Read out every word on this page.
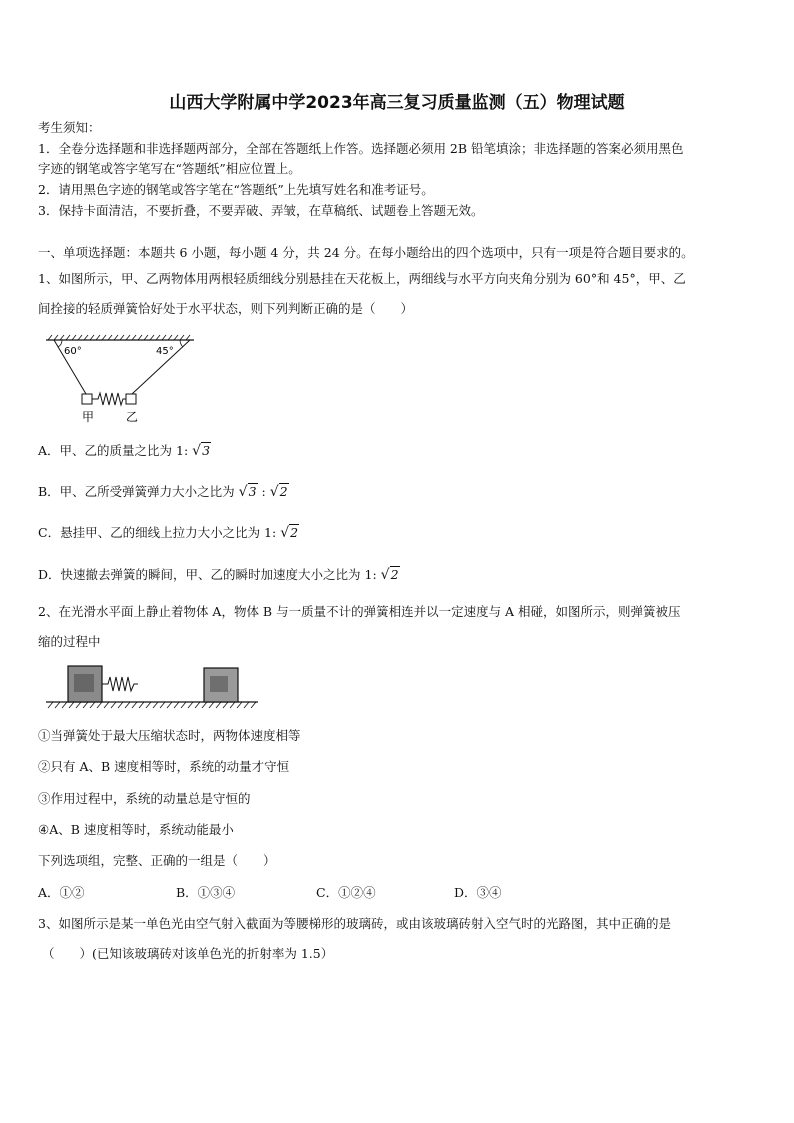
山西大学附属中学2023年高三复习质量监测（五）物理试题
考生须知：
1．全卷分选择题和非选择题两部分，全部在答题纸上作答。选择题必须用 2B 铅笔填涂；非选择题的答案必须用黑色
字迹的钢笔或答字笔写在“答题纸”相应位置上。
2．请用黑色字迹的钢笔或答字笔在“答题纸”上先填写姓名和准考证号。
3．保持卡面清洁，不要折叠，不要弄破、弄皱，在草稿纸、试题卷上答题无效。
一、单项选择题：本题共 6 小题，每小题 4 分，共 24 分。在每小题给出的四个选项中，只有一项是符合题目要求的。
1、如图所示，甲、乙两物体用两根轻质细线分别悬挂在天花板上，两细线与水平方向夹角分别为 60°和 45°，甲、乙
间拴接的轻质弹簧恰好处于水平状态，则下列判断正确的是（　　）
60°	45°
甲	乙
A．甲、乙的质量之比为 1: √3
B．甲、乙所受弹簧弹力大小之比为 √3 : √2
C．悬挂甲、乙的细线上拉力大小之比为 1: √2
D．快速撤去弹簧的瞬间，甲、乙的瞬时加速度大小之比为 1: √2
2、在光滑水平面上静止着物体 A，物体 B 与一质量不计的弹簧相连并以一定速度与 A 相碰，如图所示，则弹簧被压
缩的过程中
①当弹簧处于最大压缩状态时，两物体速度相等
②只有 A、B 速度相等时，系统的动量才守恒
③作用过程中，系统的动量总是守恒的
④A、B 速度相等时，系统动能最小
下列选项组，完整、正确的一组是（　　）
A．①②	B．①③④	C．①②④	D．③④
3、如图所示是某一单色光由空气射入截面为等腰梯形的玻璃砖，或由该玻璃砖射入空气时的光路图，其中正确的是
（　　）(已知该玻璃砖对该单色光的折射率为 1.5）
